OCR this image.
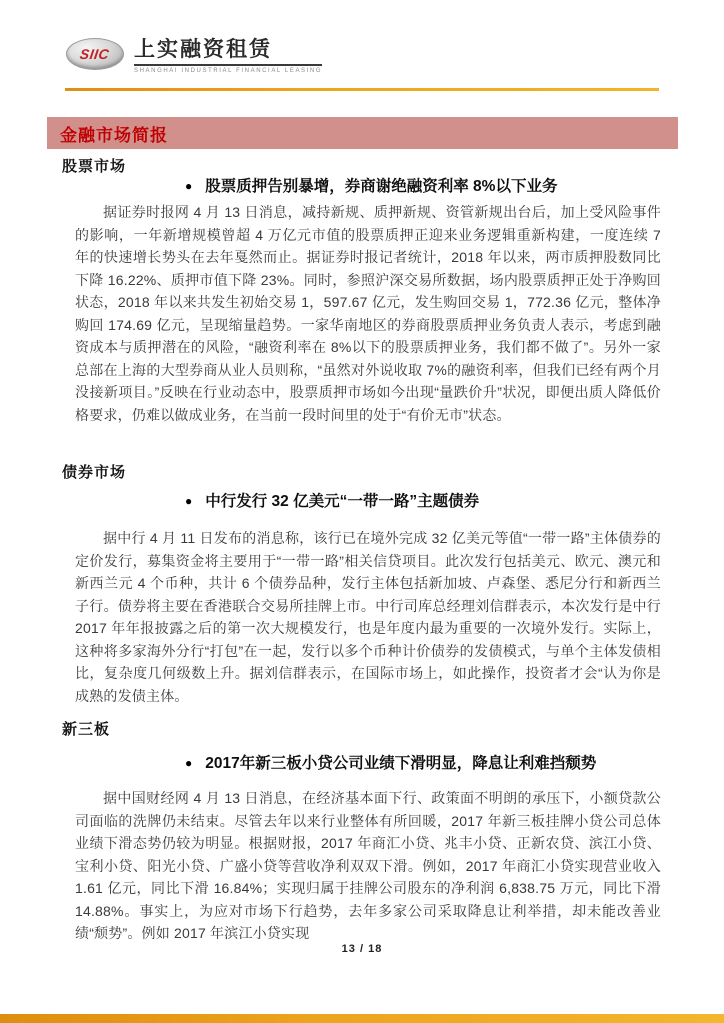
SIIC 上实融资租赁
SHANGHAI INDUSTRIAL FINANCIAL LEASING
金融市场简报
股票市场
● 股票质押告别暴增，券商谢绝融资利率 8%以下业务
据证券时报网 4 月 13 日消息，减持新规、质押新规、资管新规出台后，加上受风险事件的影响，一年新增规模曾超 4 万亿元市值的股票质押正迎来业务逻辑重新构建，一度连续 7 年的快速增长势头在去年戛然而止。据证券时报记者统计，2018 年以来，两市质押股数同比下降 16.22%、质押市值下降 23%。同时，参照沪深交易所数据，场内股票质押正处于净购回状态，2018 年以来共发生初始交易 1，597.67 亿元，发生购回交易 1，772.36 亿元，整体净购回 174.69 亿元，呈现缩量趋势。一家华南地区的券商股票质押业务负责人表示，考虑到融资成本与质押潜在的风险，“融资利率在 8%以下的股票质押业务，我们都不做了”。另外一家总部在上海的大型券商从业人员则称，“虽然对外说收取 7%的融资利率，但我们已经有两个月没接新项目。”反映在行业动态中，股票质押市场如今出现“量跌价升”状况，即便出质人降低价格要求，仍难以做成业务，在当前一段时间里的处于“有价无市”状态。
债券市场
● 中行发行 32 亿美元“一带一路”主题债券
据中行 4 月 11 日发布的消息称，该行已在境外完成 32 亿美元等值“一带一路”主体债券的定价发行，募集资金将主要用于“一带一路”相关信贷项目。此次发行包括美元、欧元、澳元和新西兰元 4 个币种，共计 6 个债券品种，发行主体包括新加坡、卢森堡、悉尼分行和新西兰子行。债券将主要在香港联合交易所挂牌上市。中行司库总经理刘信群表示，本次发行是中行 2017 年年报披露之后的第一次大规模发行，也是年度内最为重要的一次境外发行。实际上，这种将多家海外分行“打包”在一起，发行以多个币种计价债券的发债模式，与单个主体发债相比，复杂度几何级数上升。据刘信群表示，在国际市场上，如此操作，投资者才会“认为你是成熟的发债主体。
新三板
● 2017年新三板小贷公司业绩下滑明显，降息让利难挡颓势
据中国财经网 4 月 13 日消息，在经济基本面下行、政策面不明朗的承压下，小额贷款公司面临的洗牌仍未结束。尽管去年以来行业整体有所回暖，2017 年新三板挂牌小贷公司总体业绩下滑态势仍较为明显。根据财报，2017 年商汇小贷、兆丰小贷、正新农贷、滨江小贷、宝利小贷、阳光小贷、广盛小贷等营收净利双双下滑。例如，2017 年商汇小贷实现营业收入 1.61 亿元，同比下滑 16.84%；实现归属于挂牌公司股东的净利润 6,838.75 万元，同比下滑 14.88%。事实上，为应对市场下行趋势，去年多家公司采取降息让利举措，却未能改善业绩“颓势”。例如 2017 年滨江小贷实现
13 / 18
